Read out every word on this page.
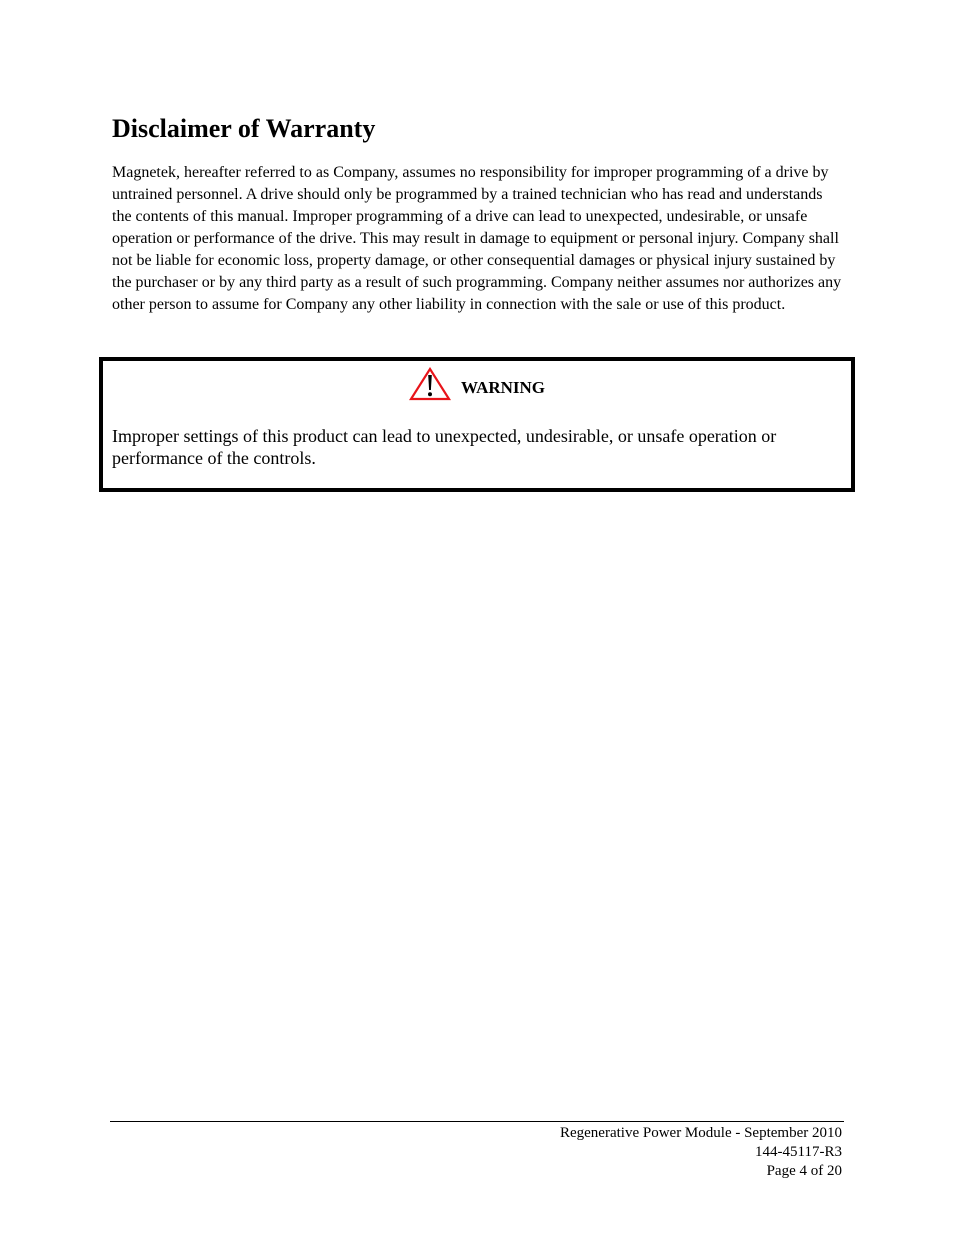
Disclaimer of Warranty

Magnetek, hereafter referred to as Company, assumes no responsibility for improper programming of a drive by untrained personnel. A drive should only be programmed by a trained technician who has read and understands the contents of this manual. Improper programming of a drive can lead to unexpected, undesirable, or unsafe operation or performance of the drive. This may result in damage to equipment or personal injury. Company shall not be liable for economic loss, property damage, or other consequential damages or physical injury sustained by the purchaser or by any third party as a result of such programming. Company neither assumes nor authorizes any other person to assume for Company any other liability in connection with the sale or use of this product.

WARNING

Improper settings of this product can lead to unexpected, undesirable, or unsafe operation or performance of the controls.

Regenerative Power Module - September 2010
144-45117-R3
Page 4 of 20
